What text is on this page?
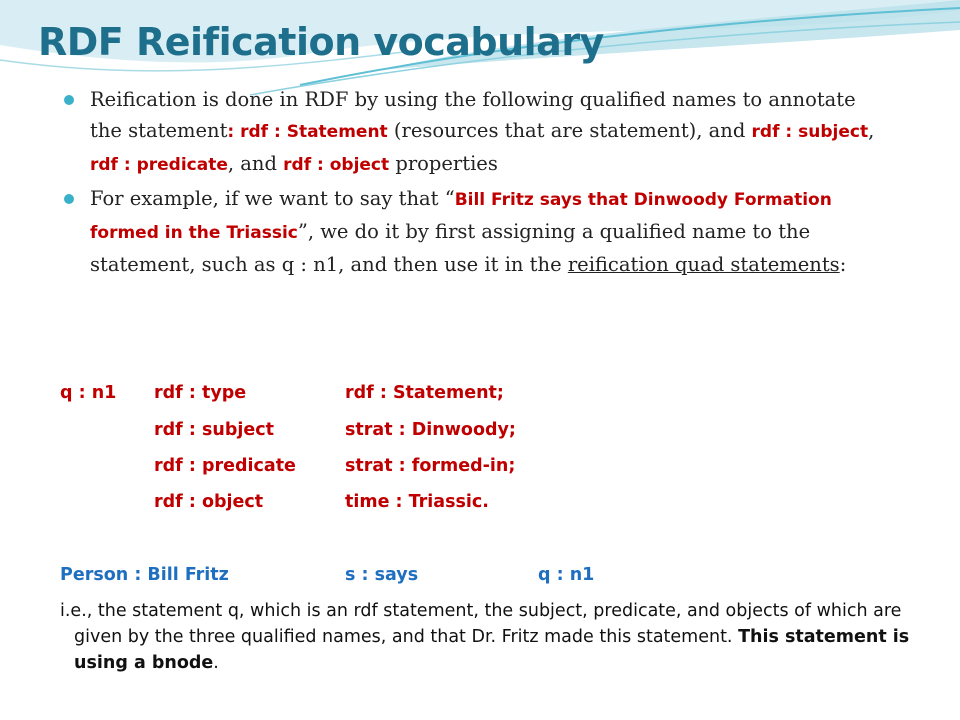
RDF Reification vocabulary
Reification is done in RDF by using the following qualified names to annotate the statement: rdf : Statement (resources that are statement), and rdf : subject, rdf : predicate, and rdf : object properties
For example, if we want to say that “Bill Fritz says that Dinwoody Formation formed in the Triassic”, we do it by first assigning a qualified name to the statement, such as q : n1, and then use it in the reification quad statements:
q : n1 rdf : type	rdf : Statement;
rdf : subject	strat : Dinwoody;
rdf : predicate	strat : formed-in;
rdf : object	time : Triassic.
Person : Bill Fritz	s : says	q : n1
i.e., the statement q, which is an rdf statement, the subject, predicate, and objects of which are given by the three qualified names, and that Dr. Fritz made this statement. This statement is using a bnode.
